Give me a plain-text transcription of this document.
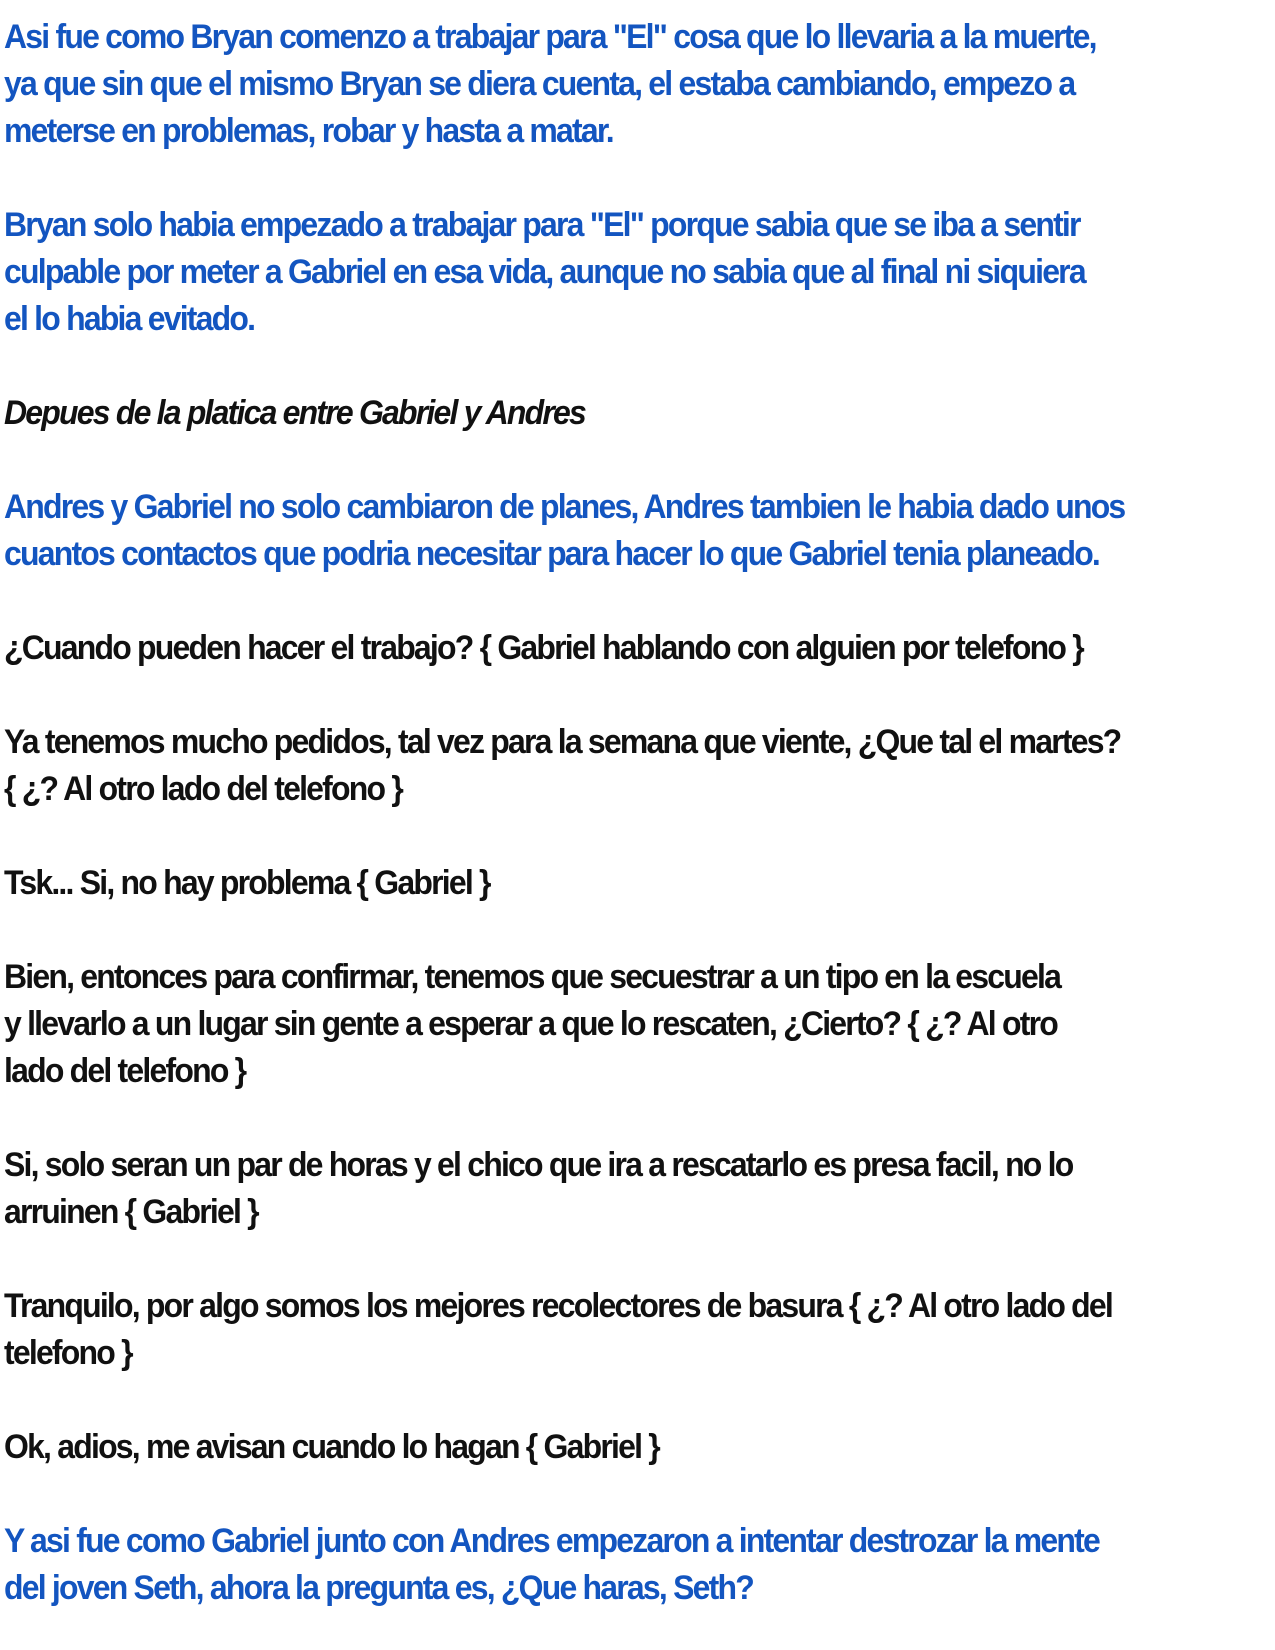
Asi fue como Bryan comenzo a trabajar para "El" cosa que lo llevaria a la muerte,
ya que sin que el mismo Bryan se diera cuenta, el estaba cambiando, empezo a
meterse en problemas, robar y hasta a matar.

Bryan solo habia empezado a trabajar para "El" porque sabia que se iba a sentir
culpable por meter a Gabriel en esa vida, aunque no sabia que al final ni siquiera
el lo habia evitado.

Depues de la platica entre Gabriel y Andres

Andres y Gabriel no solo cambiaron de planes, Andres tambien le habia dado unos
cuantos contactos que podria necesitar para hacer lo que Gabriel tenia planeado.

¿Cuando pueden hacer el trabajo? { Gabriel hablando con alguien por telefono }

Ya tenemos mucho pedidos, tal vez para la semana que viente, ¿Que tal el martes?
{ ¿? Al otro lado del telefono }

Tsk... Si, no hay problema { Gabriel }

Bien, entonces para confirmar, tenemos que secuestrar a un tipo en la escuela
y llevarlo a un lugar sin gente a esperar a que lo rescaten, ¿Cierto? { ¿? Al otro
lado del telefono }

Si, solo seran un par de horas y el chico que ira a rescatarlo es presa facil, no lo
arruinen { Gabriel }

Tranquilo, por algo somos los mejores recolectores de basura { ¿? Al otro lado del
telefono }

Ok, adios, me avisan cuando lo hagan { Gabriel }

Y asi fue como Gabriel junto con Andres empezaron a intentar destrozar la mente
del joven Seth, ahora la pregunta es, ¿Que haras, Seth?
